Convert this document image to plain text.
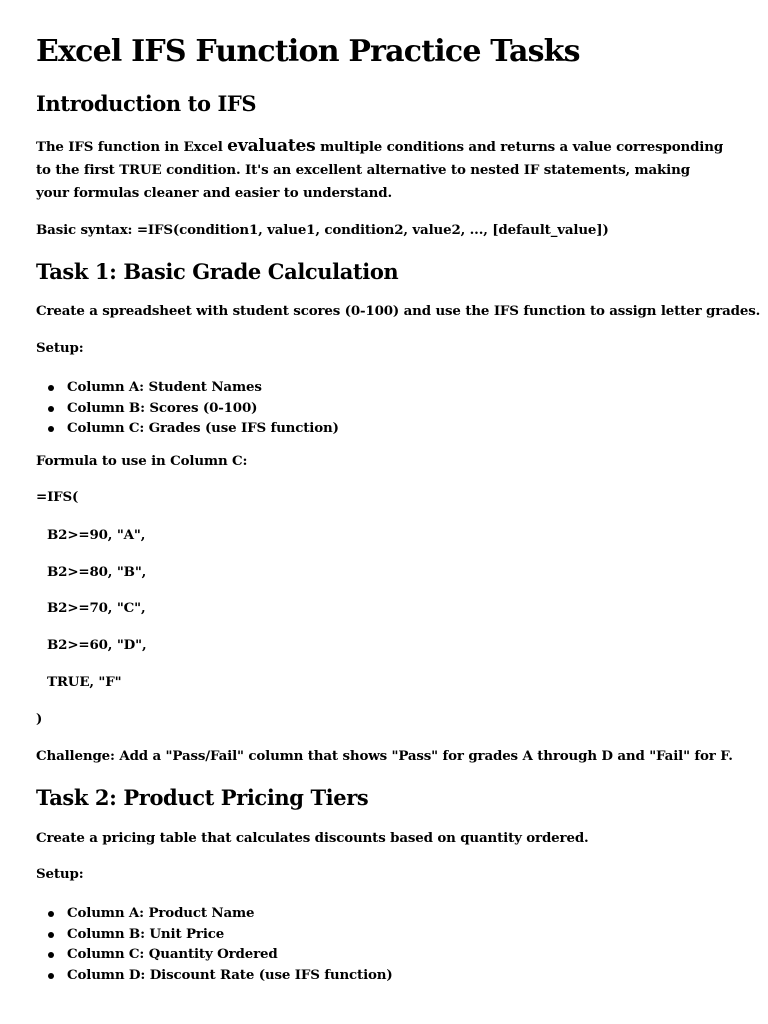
Excel IFS Function Practice Tasks
Introduction to IFS

The IFS function in Excel evaluates multiple conditions and returns a value corresponding to the first TRUE condition. It's an excellent alternative to nested IF statements, making your formulas cleaner and easier to understand.

Basic syntax: =IFS(condition1, value1, condition2, value2, ..., [default_value])

Task 1: Basic Grade Calculation

Create a spreadsheet with student scores (0-100) and use the IFS function to assign letter grades.

Setup:

Column A: Student Names
Column B: Scores (0-100)
Column C: Grades (use IFS function)

Formula to use in Column C:

=IFS(

B2>=90, "A",

B2>=80, "B",

B2>=70, "C",

B2>=60, "D",

TRUE, "F"

)

Challenge: Add a "Pass/Fail" column that shows "Pass" for grades A through D and "Fail" for F.

Task 2: Product Pricing Tiers

Create a pricing table that calculates discounts based on quantity ordered.

Setup:

Column A: Product Name
Column B: Unit Price
Column C: Quantity Ordered
Column D: Discount Rate (use IFS function)
